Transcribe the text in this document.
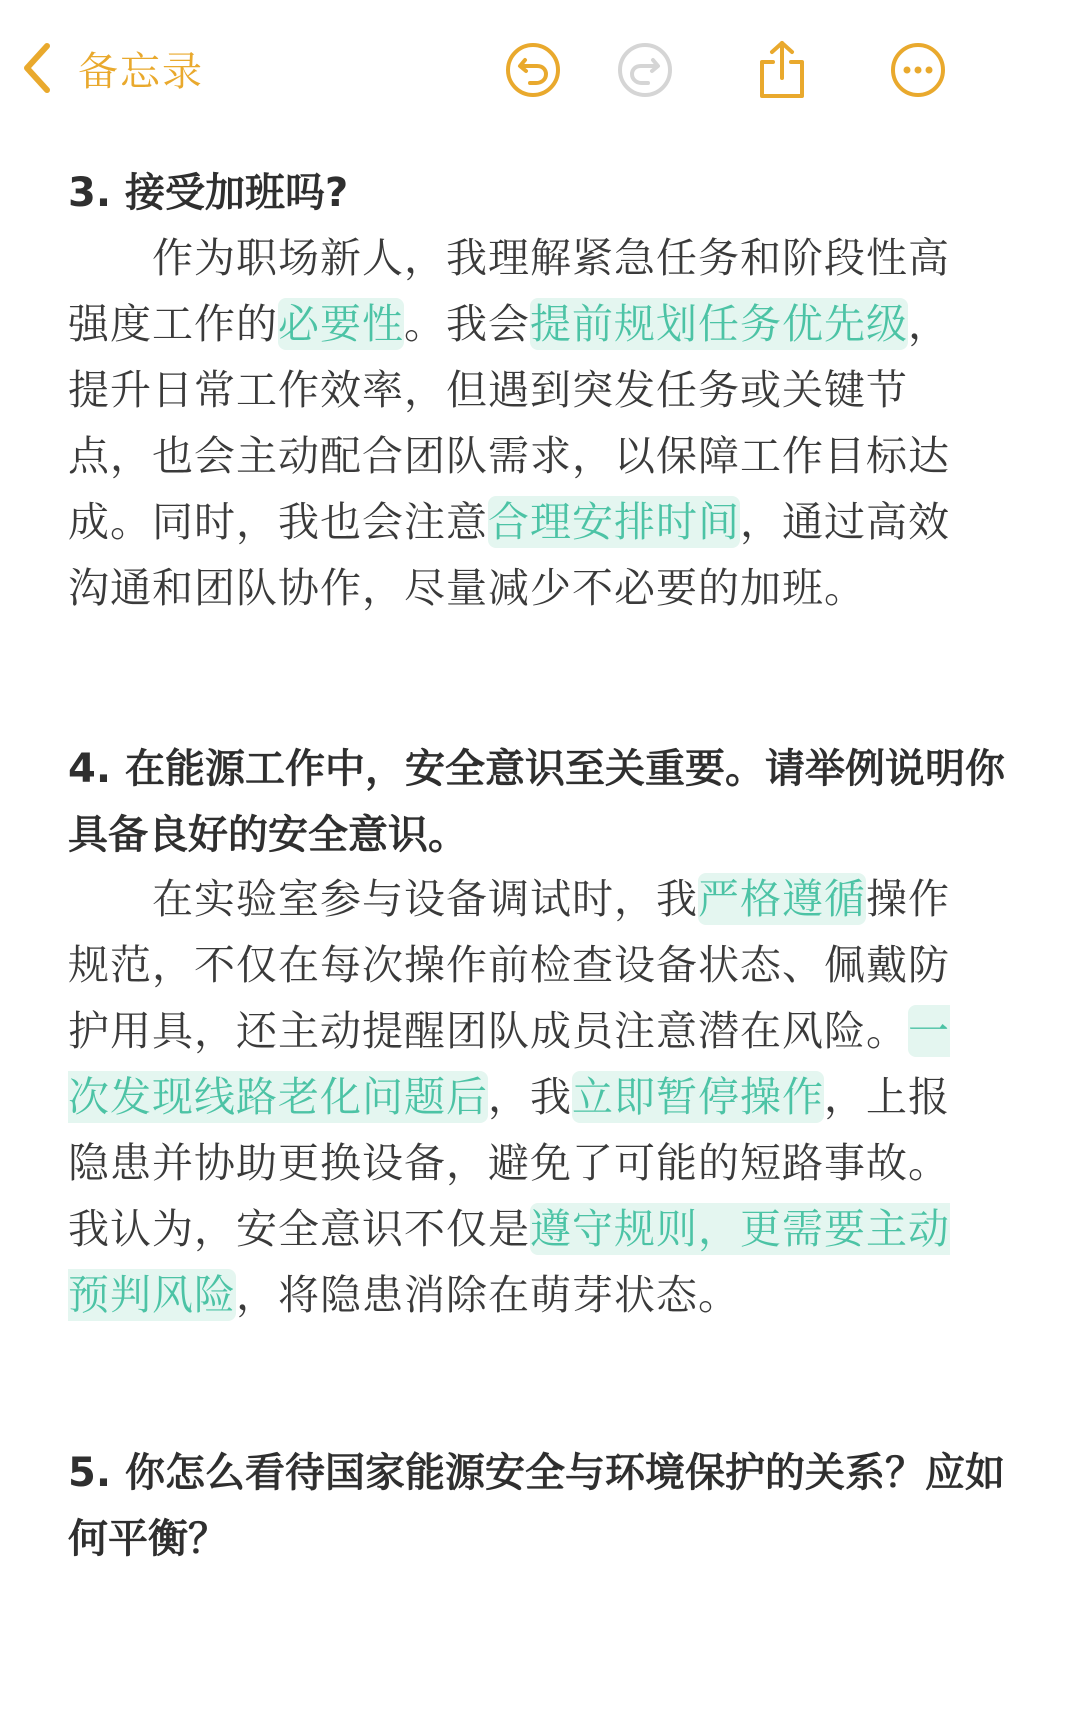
备忘录
3. 接受加班吗?

作为职场新人，我理解紧急任务和阶段性高强度工作的必要性。我会提前规划任务优先级，提升日常工作效率，但遇到突发任务或关键节点，也会主动配合团队需求，以保障工作目标达成。同时，我也会注意合理安排时间，通过高效沟通和团队协作，尽量减少不必要的加班。

4. 在能源工作中，安全意识至关重要。请举例说明你具备良好的安全意识。

在实验室参与设备调试时，我严格遵循操作规范，不仅在每次操作前检查设备状态、佩戴防护用具，还主动提醒团队成员注意潜在风险。一次发现线路老化问题后，我立即暂停操作，上报隐患并协助更换设备，避免了可能的短路事故。我认为，安全意识不仅是遵守规则，更需要主动预判风险，将隐患消除在萌芽状态。

5. 你怎么看待国家能源安全与环境保护的关系？应如何平衡？
